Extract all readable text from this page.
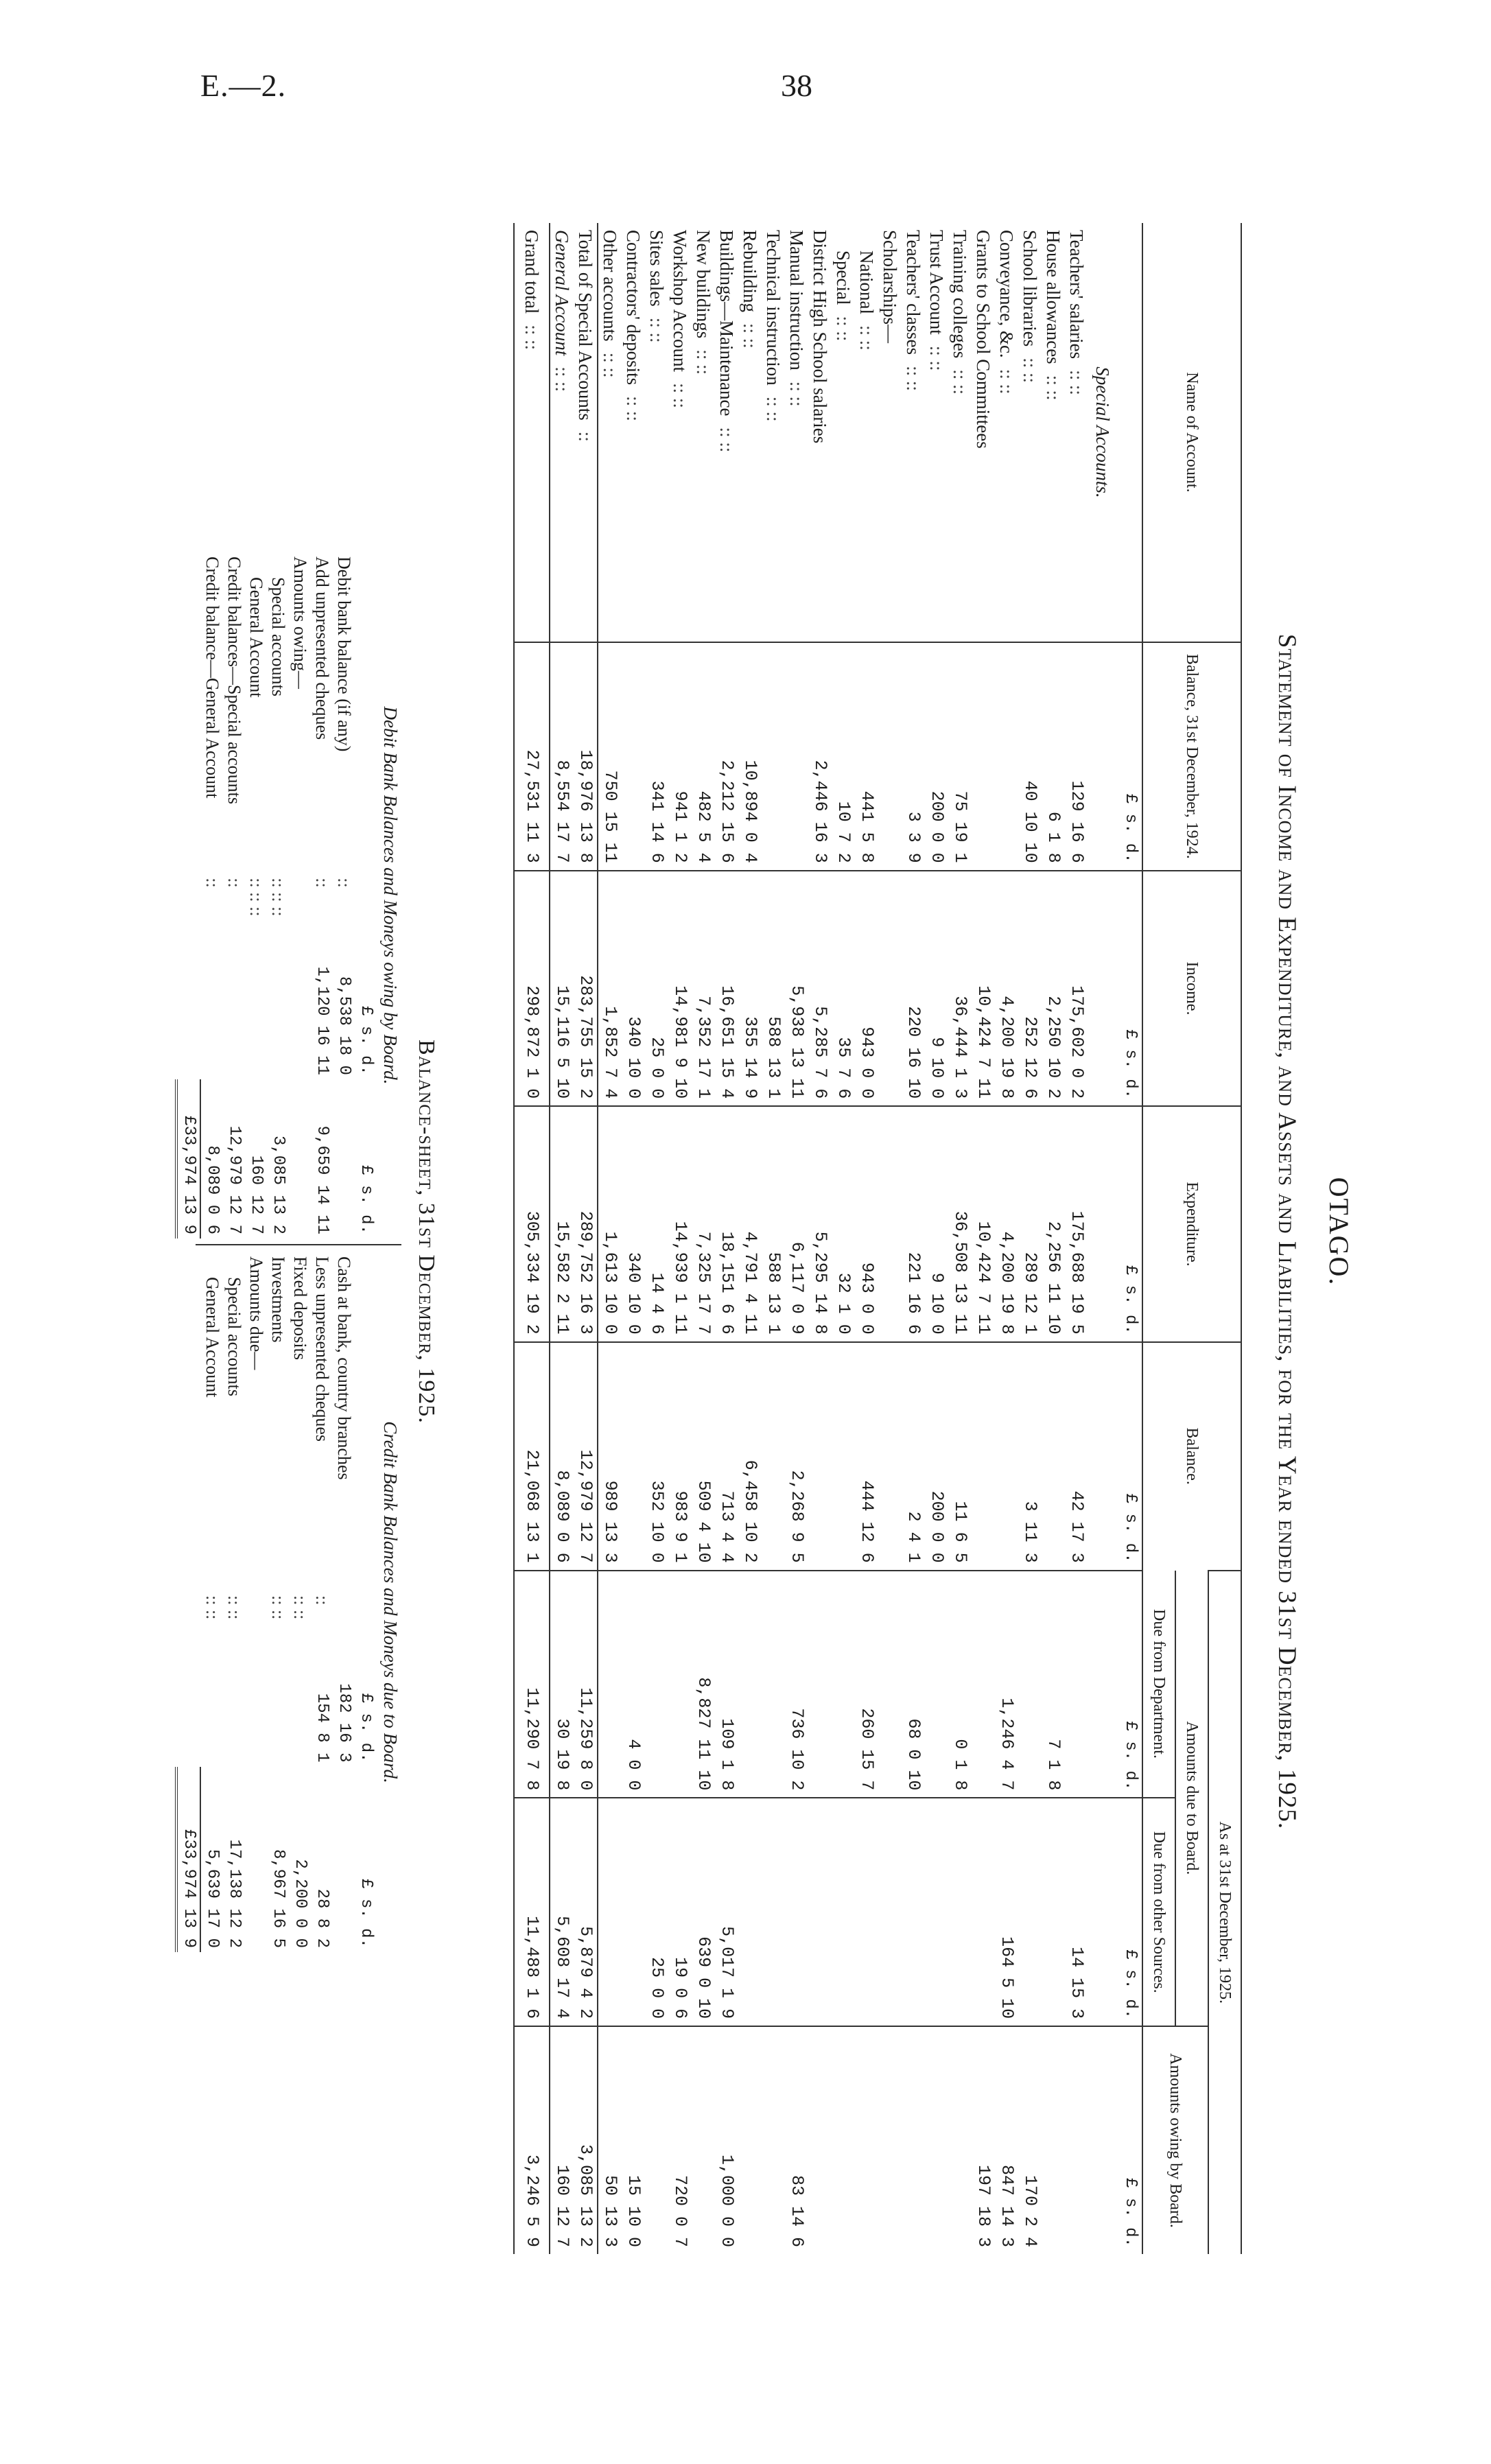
E.—2.	38
OTAGO.
Statement of Income and Expenditure, and Assets and Liabilities, for the Year ended 31st December, 1925.
Name of Account.	Balance, 31st December, 1924.	Income.	Expenditure.	Balance.	As at 31st December, 1925.		
					Amounts due to Board.		Amounts owing by Board.
					Due from Department.	Due from other Sources.	
	£ s. d.	£ s. d.	£ s. d.	£ s. d.	£ s. d.	£ s. d.	£ s. d.
Special Accounts.							
Teachers' salaries:: ::	129 16 6	175,602 0 2	175,688 19 5	42 17 3		14 15 3	
House allowances:: ::	6 1 8	2,250 10 2	2,256 11 10		7 1 8		
School libraries:: ::	40 10 10	252 12 6	289 12 1	3 11 3			170 2 4
Conveyance, &c.:: ::		4,200 19 8	4,200 19 8		1,246 4 7	164 5 10	847 14 3
Grants to School Committees		10,424 7 11	10,424 7 11				197 18 3
Training colleges:: ::	75 19 1	36,444 1 3	36,508 13 11	11 6 5	0 1 8		
Trust Account:: ::	200 0 0	9 10 0	9 10 0	200 0 0			
Teachers' classes:: ::	3 3 9	220 16 10	221 16 6	2 4 1	68 0 10		
Scholarships—							
National:: ::	441 5 8	943 0 0	943 0 0	444 12 6	260 15 7		
Special:: ::	10 7 2	35 7 6	32 1 0				
District High School salaries	2,446 16 3	5,285 7 6	5,295 14 8				
Manual instruction:: ::		5,938 13 11	6,117 0 9	2,268 9 5	736 10 2		83 14 6
Technical instruction:: ::		588 13 1	588 13 1				
Rebuilding:: ::	10,894 0 4	355 14 9	4,791 4 11	6,458 10 2			
Buildings—Maintenance:: ::	2,212 15 6	16,651 15 4	18,151 6 6	713 4 4	109 1 8	5,017 1 9	1,000 0 0
New buildings:: ::	482 5 4	7,352 17 1	7,325 17 7	509 4 10	8,827 11 10	639 0 10	
Workshop Account:: ::	941 1 2	14,981 9 10	14,939 1 11	983 9 1		19 0 6	720 0 7
Sites sales:: ::	341 14 6	25 0 0	14 4 6	352 10 0		25 0 0	
Contractors' deposits:: ::		340 10 0	340 10 0		4 0 0		15 10 0
Other accounts:: ::	750 15 11	1,852 7 4	1,613 10 0	989 13 3			50 13 3
Total of Special Accounts::	18,976 13 8	283,755 15 2	289,752 16 3	12,979 12 7	11,259 8 0	5,879 4 2	3,085 13 2
General Account:: ::	8,554 17 7	15,116 5 10	15,582 2 11	8,089 0 6	30 19 8	5,608 17 4	160 12 7
Grand total:: ::	27,531 11 3	298,872 1 0	305,334 19 2	21,068 13 1	11,290 7 8	11,488 1 6	3,246 5 9
Balance-sheet, 31st December, 1925.
Debit Bank Balances and Moneys owing by Board.
		£ s. d.	£ s. d.
Debit bank balance (if any)	::	8,538 18 0	
Add unpresented cheques	::	1,120 16 11	9,659 14 11
Amounts owing—			
Special accounts	:: :: ::		3,085 13 2
General Account	:: :: ::		160 12 7
Credit balances—Special accounts	::		12,979 12 7
Credit balance—General Account	::		8,089 0 6
			£33,974 13 9
Credit Bank Balances and Moneys due to Board.
		£ s. d.	£ s. d.
Cash at bank, country branches		182 16 3	
Less unpresented cheques	::	154 8 1	28 8 2
Fixed deposits	:: ::		2,200 0 0
Investments	:: ::		8,967 16 5
Amounts due—			
Special accounts	:: ::		17,138 12 2
General Account	:: ::		5,639 17 0
			£33,974 13 9
